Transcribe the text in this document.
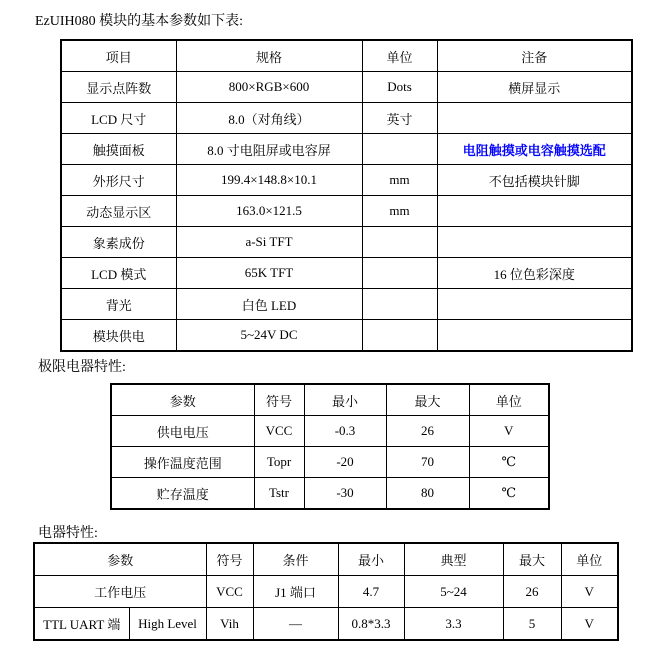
EzUIH080 模块的基本参数如下表:
项目	规格	单位	注备
显示点阵数	800×RGB×600	Dots	横屏显示
LCD 尺寸	8.0（对角线）	英寸	
触摸面板	8.0 寸电阻屏或电容屏		电阻触摸或电容触摸选配
外形尺寸	199.4×148.8×10.1	mm	不包括模块针脚
动态显示区	163.0×121.5	mm	
象素成份	a-Si TFT		
LCD 模式	65K TFT		16 位色彩深度
背光	白色 LED		
模块供电	5~24V DC		
极限电器特性:
参数	符号	最小	最大	单位
供电电压	VCC	-0.3	26	V
操作温度范围	Topr	-20	70	℃
贮存温度	Tstr	-30	80	℃
电器特性:
参数		符号	条件	最小	典型	最大	单位
工作电压		VCC	J1 端口	4.7	5~24	26	V
TTL UART 端	High Level	Vih	—	0.8*3.3	3.3	5	V
